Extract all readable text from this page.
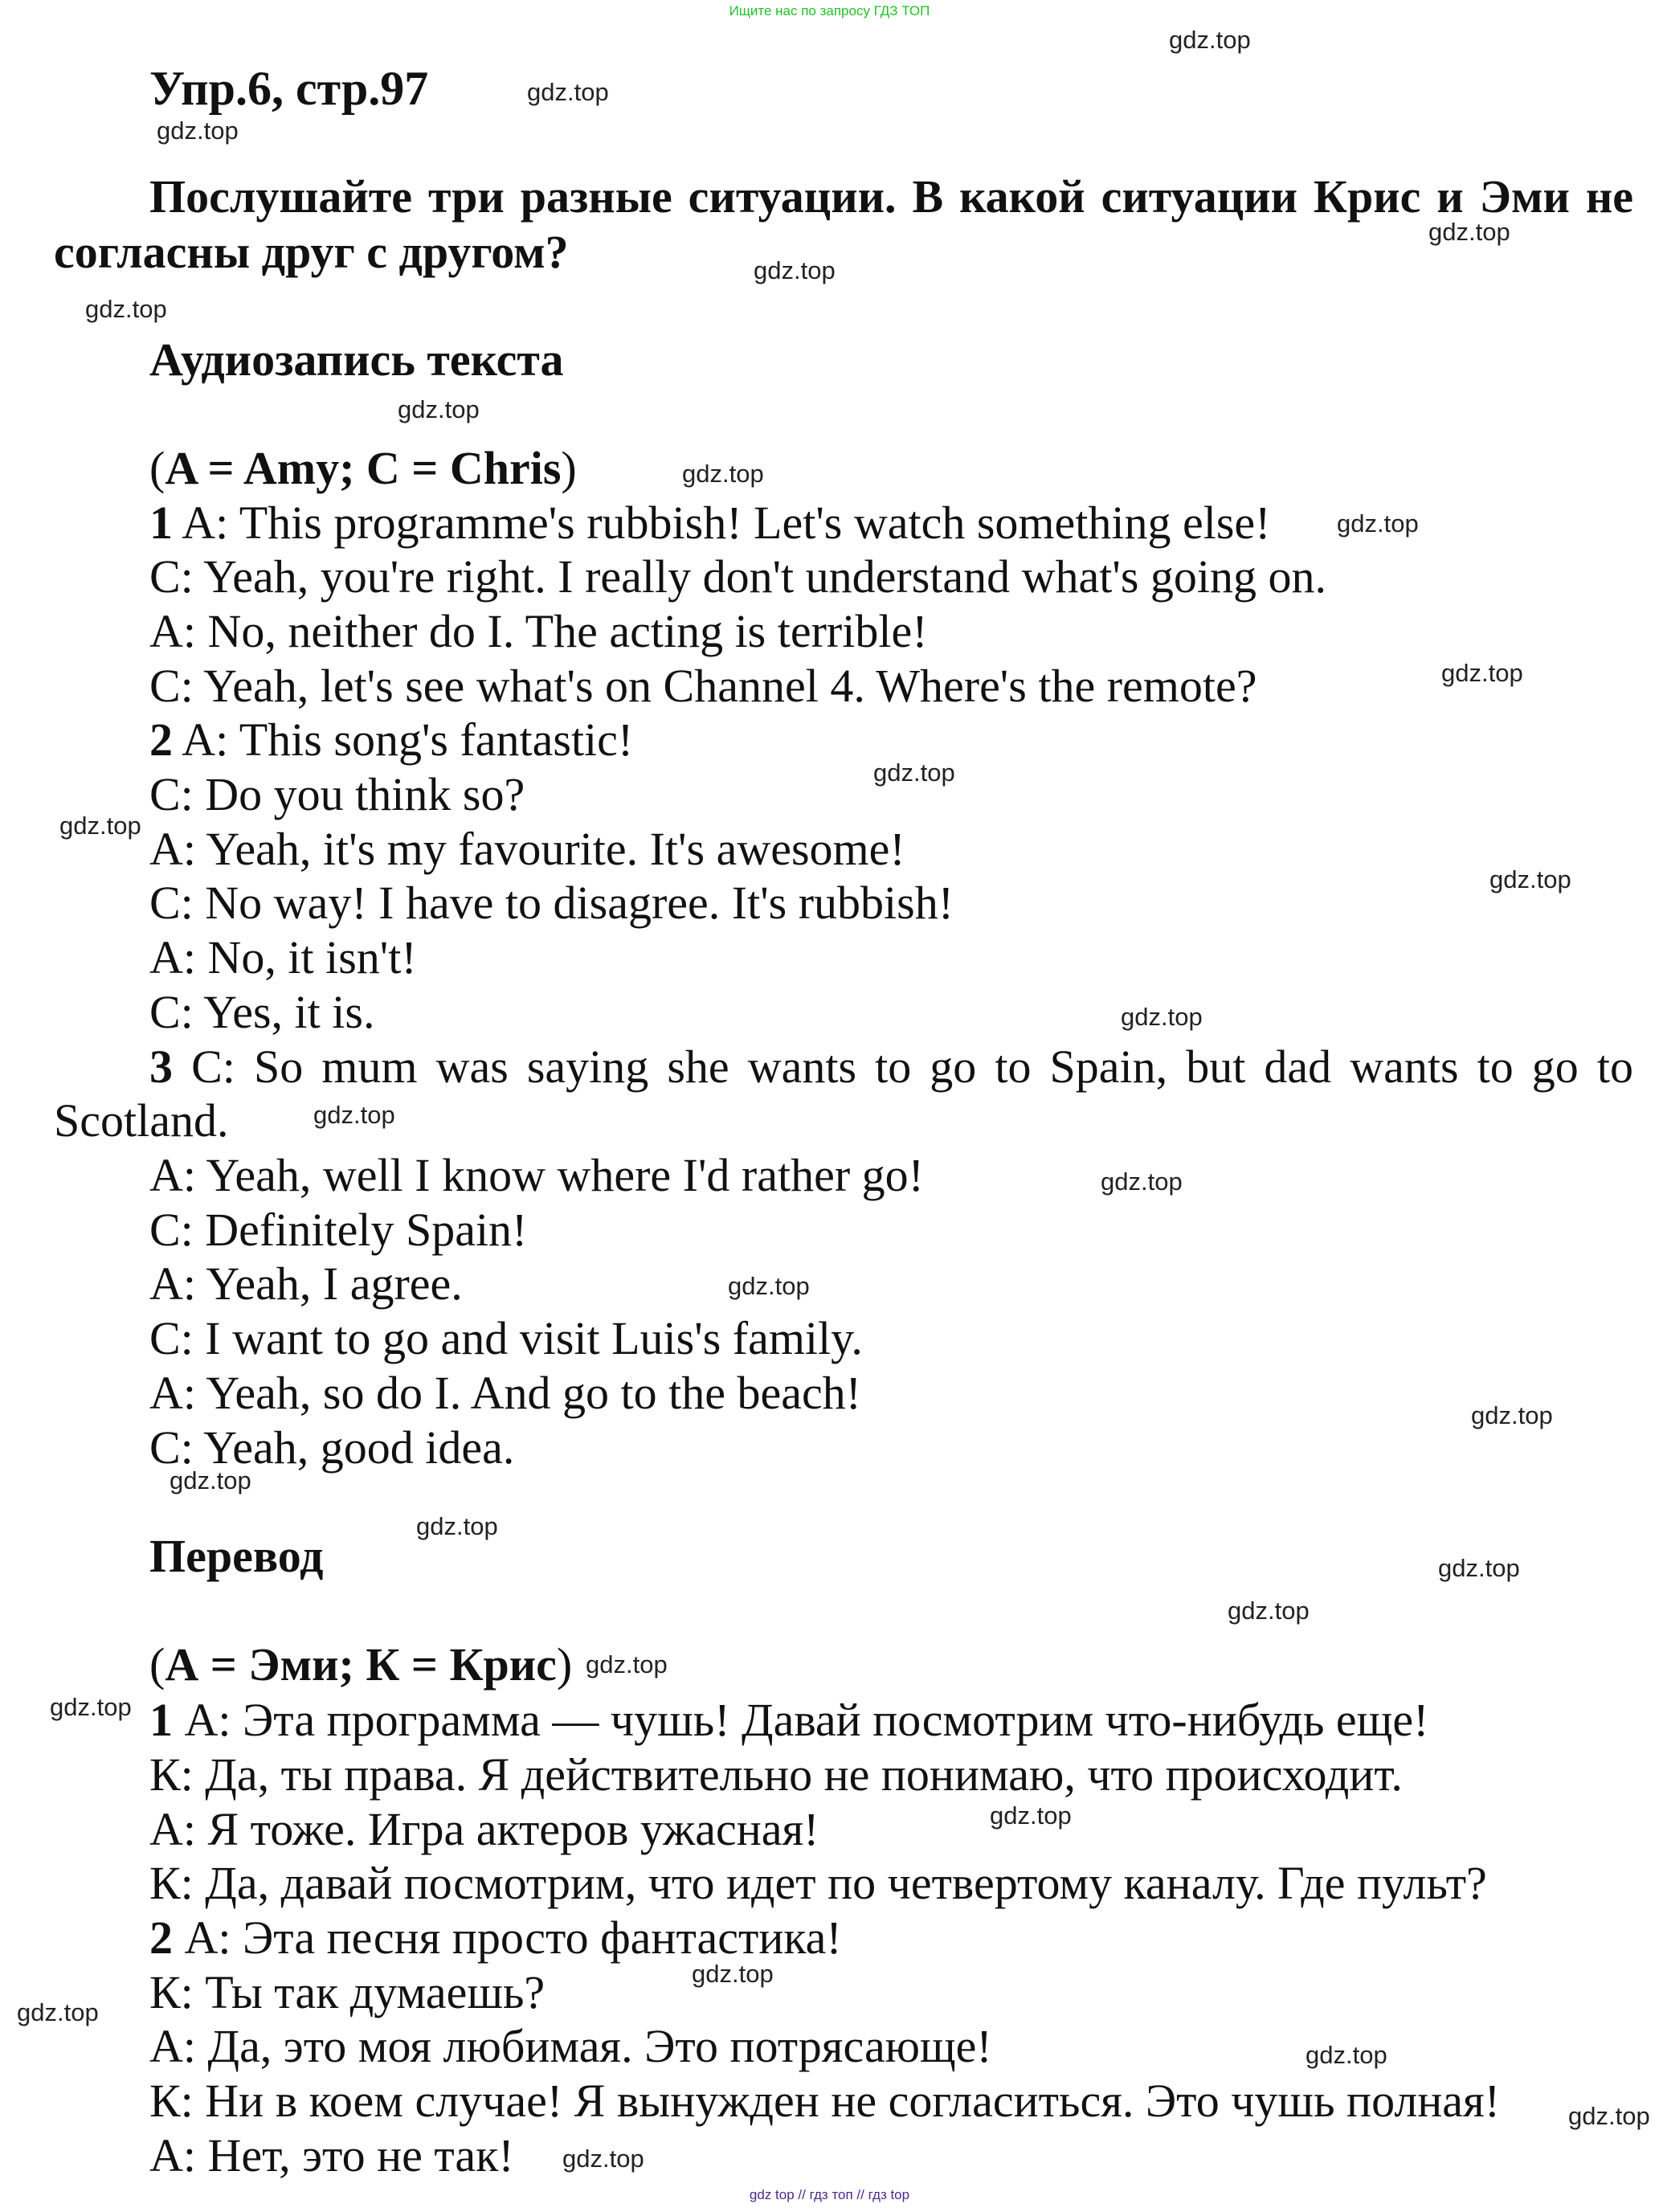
Ищите нас по запросу ГДЗ ТОП
Упр.6, стр.97
Послушайте три разные ситуации. В какой ситуации Крис и Эми не
согласны друг с другом?
Аудиозапись текста
(A = Amy; C = Chris)
1 A: This programme's rubbish! Let's watch something else!
C: Yeah, you're right. I really don't understand what's going on.
A: No, neither do I. The acting is terrible!
C: Yeah, let's see what's on Channel 4. Where's the remote?
2 A: This song's fantastic!
C: Do you think so?
A: Yeah, it's my favourite. It's awesome!
C: No way! I have to disagree. It's rubbish!
A: No, it isn't!
C: Yes, it is.
3 C: So mum was saying she wants to go to Spain, but dad wants to go to
Scotland.
A: Yeah, well I know where I'd rather go!
C: Definitely Spain!
A: Yeah, I agree.
C: I want to go and visit Luis's family.
A: Yeah, so do I. And go to the beach!
C: Yeah, good idea.
Перевод
(А = Эми; К = Крис)
1 А: Эта программа — чушь! Давай посмотрим что-нибудь еще!
К: Да, ты права. Я действительно не понимаю, что происходит.
А: Я тоже. Игра актеров ужасная!
К: Да, давай посмотрим, что идет по четвертому каналу. Где пульт?
2 А: Эта песня просто фантастика!
К: Ты так думаешь?
А: Да, это моя любимая. Это потрясающе!
К: Ни в коем случае! Я вынужден не согласиться. Это чушь полная!
А: Нет, это не так!
gdz.top
gdz.top
gdz.top
gdz.top
gdz.top
gdz.top
gdz.top
gdz.top
gdz.top
gdz.top
gdz.top
gdz.top
gdz.top
gdz.top
gdz.top
gdz.top
gdz.top
gdz.top
gdz.top
gdz.top
gdz.top
gdz.top
gdz.top
gdz.top
gdz.top
gdz.top
gdz.top
gdz.top
gdz.top
gdz.top
gdz top // гдз топ // гдз top
